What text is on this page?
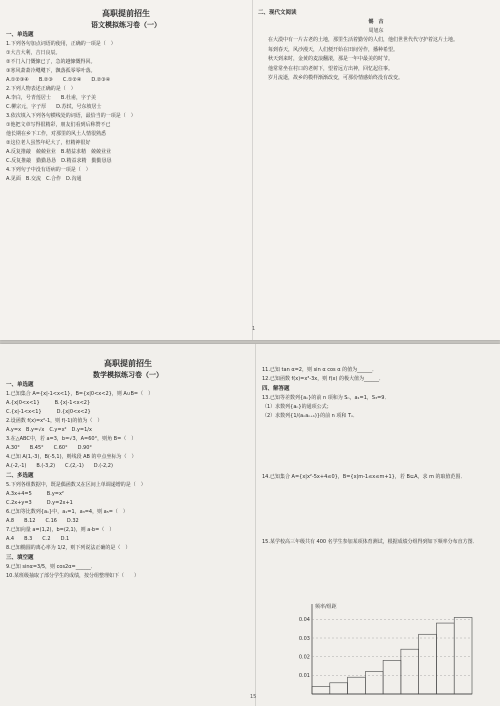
高职提前招生
语文模拟练习卷（一）
一、单选题
1.下列各句加点词语的使用，正确的一项是（　）
①大吉大利，吉日良辰。
②不门入门慨慷已了，急的越慷慨得回。
③寒风萧萧冷飕飕下，飘落孤零零叶落。
A.①②③④　　B.②③　　C.①②④　　D.②③④
2.下列人物表述正确的是（　）
A.李白，号青莲居士　　B.杜甫，字子美
C.柳宗元，字子厚　　D.苏轼，号东坡居士
3.依次填入下列各句横线处的词语，最恰当的一项是（　）
①他把文章写得很精彩，朋友们看到后称赞不已
他长期在乡下工作，对那里的风土人情很熟悉
②这位老人虽然年纪大了，但精神很好
A.反复推敲　兢兢业业　B.精益求精　兢兢业业
C.反复推敲　勤勤恳恳　D.精益求精　勤勤恳恳
4.下列句子中没有语病的一项是（　）
A.见面　B.交流　C.合作　D.沟通
二、现代文阅读
锡　古
周旭东
在大漠中有一片古老的土地，那里生活着勤劳的人们，他们世世代代守护着这片土地。
每到春天，风沙漫天，人们便开始在田间劳作，播种希望。
秋天到来时，金黄的麦浪翻滚，那是一年中最美的时节。
他常常坐在村口的老树下，望着远方出神，回忆起往事。
岁月流逝，故乡的模样渐渐改变，可那份情感始终没有改变。
1
高职提前招生
数学模拟练习卷（一）
一、单选题
1.已知集合 A={x|-1<x<1}，B={x|0<x<2}，则 A∪B=（　）
A.{x|0<x<1}　　　B.{x|-1<x<2}
C.{x|-1<x<1}　　　D.{x|0<x<2}
2.设函数 f(x)=x²-1，则 f(-1)的值为（　）
A.y=x　B.y=√x　C.y=x²　D.y=1/x
3.在△ABC中，若 a=3，b=√3，A=60°，则角 B=（　）
A.30°　　B.45°　　C.60°　　D.90°
4.已知 A(1,-3)，B(-5,1)，则线段 AB 的中点坐标为（　）
A.(-2,-1)　　B.(-3,2)　　C.(2,-1)　　D.(-2,2)
二、多选题
5.下列各组数据中，既是偶函数又在区间上单调递增的是（　）
A.3x+4=5　　　B.y=x²
C.2x+y=3　　　D.y=2x+1
6.已知等比数列{aₙ}中，a₁=1，a₃=4，则 a₅=（　）
A.8　　B.12　　C.16　　D.32
7.已知向量 a=(1,2)，b=(2,1)，则 a·b=（　）
A.4　　B.3　　C.2　　D.1
8.已知椭圆的离心率为 1/2，则下列说法正确的是（　）
三、填空题
9.已知 sinα=3/5，则 cos2α=______．
10.某班级抽取了部分学生的成绩，按分组整理如下（　　）
11.已知 tan α=2，则 sin α cos α 的值为______．
12.已知函数 f(x)=x³-3x，则 f(x) 的极大值为______．
四、解答题
13.已知等差数列{aₙ}的前 n 项和为 Sₙ，a₁=1，S₃=9．
（1）求数列{aₙ}的通项公式；
（2）求数列{1/(aₙaₙ₊₁)}的前 n 项和 Tₙ．
14.已知集合 A={x|x²-5x+4≤0}，B={x|m-1≤x≤m+1}，若 B⊆A，求 m 的取值范围．
15.某学校高三年级共有 400 名学生参加某项体育测试，根据成绩分组得到如下频率分布直方图．
频率/组距
0.04
0.03
0.02
0.01
15
